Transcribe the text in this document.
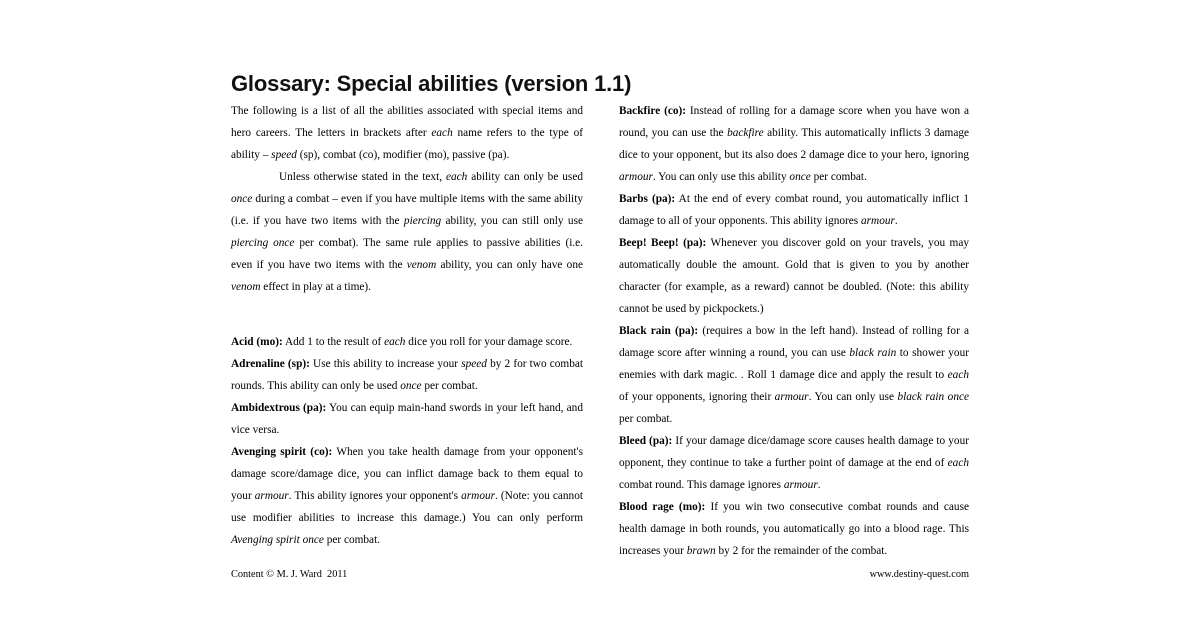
Glossary: Special abilities (version 1.1)

The following is a list of all the abilities associated with special items and hero careers. The letters in brackets after each name refers to the type of ability – speed (sp), combat (co), modifier (mo), passive (pa).

Unless otherwise stated in the text, each ability can only be used once during a combat – even if you have multiple items with the same ability (i.e. if you have two items with the piercing ability, you can still only use piercing once per combat). The same rule applies to passive abilities (i.e. even if you have two items with the venom ability, you can only have one venom effect in play at a time).

Acid (mo): Add 1 to the result of each dice you roll for your damage score.

Adrenaline (sp): Use this ability to increase your speed by 2 for two combat rounds. This ability can only be used once per combat.

Ambidextrous (pa): You can equip main-hand swords in your left hand, and vice versa.

Avenging spirit (co): When you take health damage from your opponent's damage score/damage dice, you can inflict damage back to them equal to your armour. This ability ignores your opponent's armour. (Note: you cannot use modifier abilities to increase this damage.) You can only perform Avenging spirit once per combat.

Backfire (co): Instead of rolling for a damage score when you have won a round, you can use the backfire ability. This automatically inflicts 3 damage dice to your opponent, but its also does 2 damage dice to your hero, ignoring armour. You can only use this ability once per combat.

Barbs (pa): At the end of every combat round, you automatically inflict 1 damage to all of your opponents. This ability ignores armour.

Beep! Beep! (pa): Whenever you discover gold on your travels, you may automatically double the amount. Gold that is given to you by another character (for example, as a reward) cannot be doubled. (Note: this ability cannot be used by pickpockets.)

Black rain (pa): (requires a bow in the left hand). Instead of rolling for a damage score after winning a round, you can use black rain to shower your enemies with dark magic. . Roll 1 damage dice and apply the result to each of your opponents, ignoring their armour. You can only use black rain once per combat.

Bleed (pa): If your damage dice/damage score causes health damage to your opponent, they continue to take a further point of damage at the end of each combat round. This damage ignores armour.

Blood rage (mo): If you win two consecutive combat rounds and cause health damage in both rounds, you automatically go into a blood rage. This increases your brawn by 2 for the remainder of the combat.

Content © M. J. Ward  2011	www.destiny-quest.com
